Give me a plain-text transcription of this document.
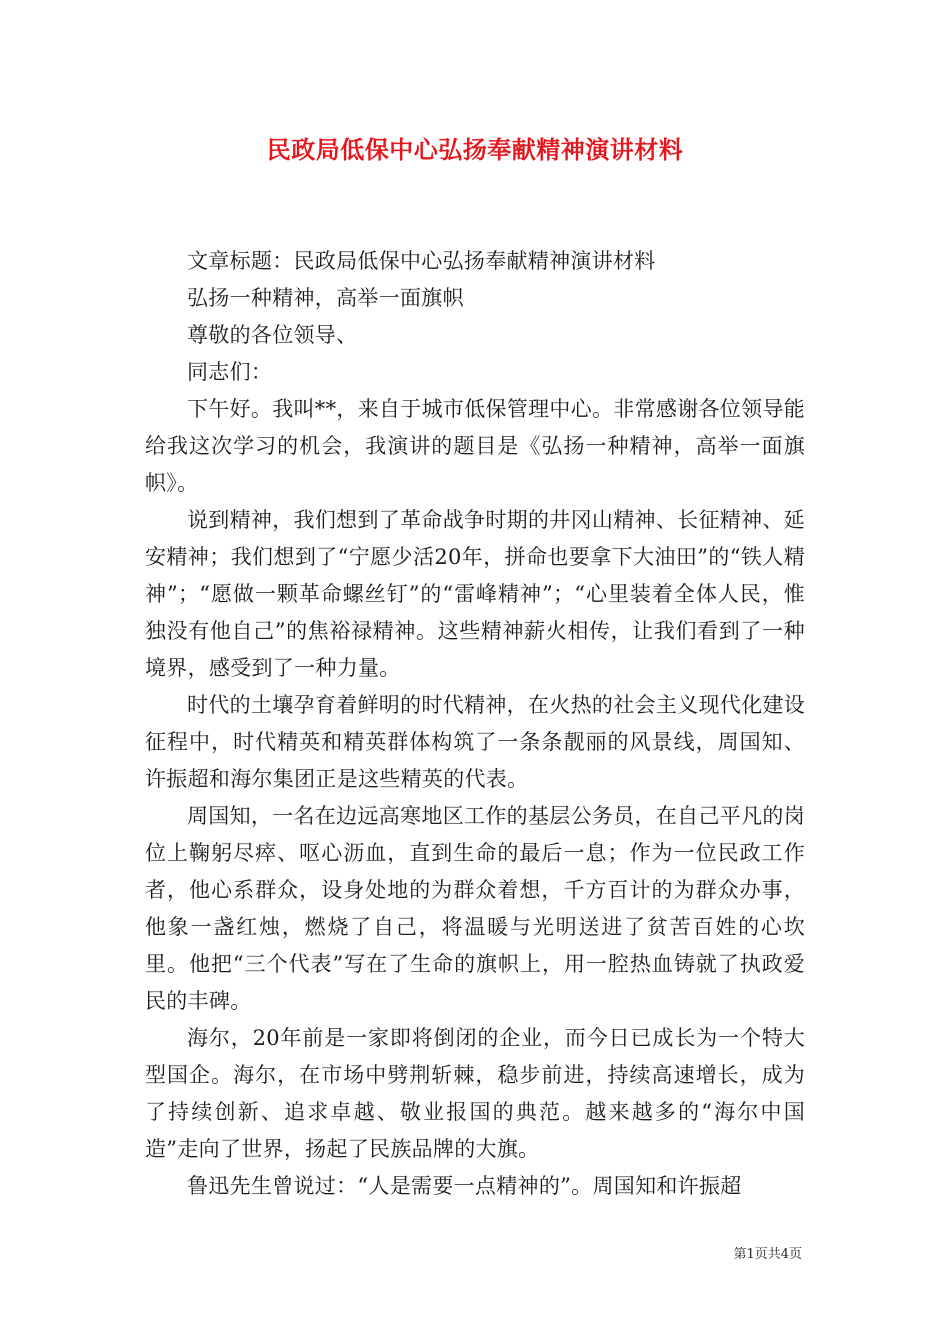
民政局低保中心弘扬奉献精神演讲材料

文章标题：民政局低保中心弘扬奉献精神演讲材料

弘扬一种精神，高举一面旗帜

尊敬的各位领导、

同志们：

下午好。我叫**，来自于城市低保管理中心。非常感谢各位领导能给我这次学习的机会，我演讲的题目是《弘扬一种精神，高举一面旗帜》。

说到精神，我们想到了革命战争时期的井冈山精神、长征精神、延安精神；我们想到了“宁愿少活20年，拼命也要拿下大油田”的“铁人精神”；“愿做一颗革命螺丝钉”的“雷峰精神”；“心里装着全体人民，惟独没有他自己”的焦裕禄精神。这些精神薪火相传，让我们看到了一种境界，感受到了一种力量。

时代的土壤孕育着鲜明的时代精神，在火热的社会主义现代化建设征程中，时代精英和精英群体构筑了一条条靓丽的风景线，周国知、许振超和海尔集团正是这些精英的代表。

周国知，一名在边远高寒地区工作的基层公务员，在自己平凡的岗位上鞠躬尽瘁、呕心沥血，直到生命的最后一息；作为一位民政工作者，他心系群众，设身处地的为群众着想，千方百计的为群众办事，他象一盏红烛，燃烧了自己，将温暖与光明送进了贫苦百姓的心坎里。他把“三个代表”写在了生命的旗帜上，用一腔热血铸就了执政爱民的丰碑。

海尔，20年前是一家即将倒闭的企业，而今日已成长为一个特大型国企。海尔，在市场中劈荆斩棘，稳步前进，持续高速增长，成为了持续创新、追求卓越、敬业报国的典范。越来越多的“海尔中国造”走向了世界，扬起了民族品牌的大旗。

鲁迅先生曾说过：“人是需要一点精神的”。周国知和许振超

第1页共4页
